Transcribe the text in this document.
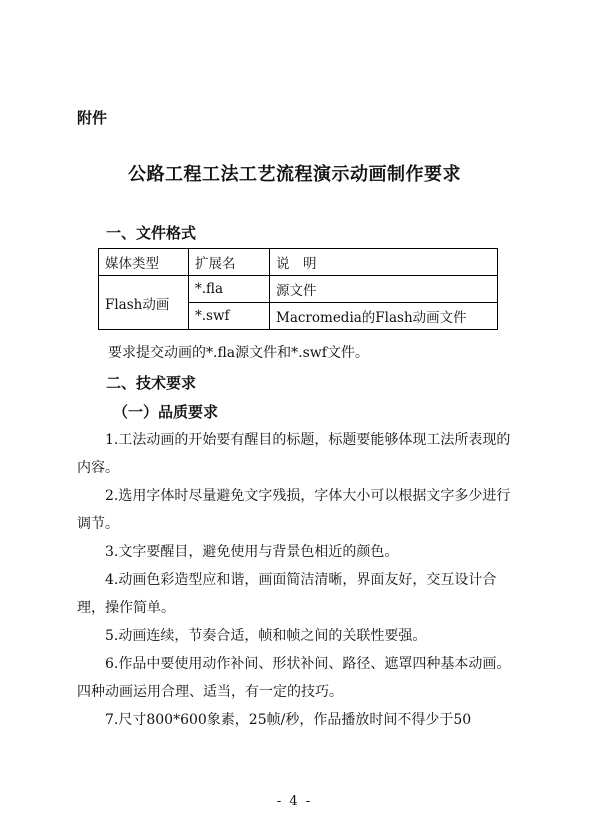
附件
公路工程工法工艺流程演示动画制作要求
一、文件格式
媒体类型	扩展名	说　明
Flash动画	*.fla	源文件
	*.swf	Macromedia的Flash动画文件
要求提交动画的*.fla源文件和*.swf文件。
二、技术要求
（一）品质要求
1.工法动画的开始要有醒目的标题，标题要能够体现工法所表现的内容。
2.选用字体时尽量避免文字残损，字体大小可以根据文字多少进行调节。
3.文字要醒目，避免使用与背景色相近的颜色。
4.动画色彩造型应和谐，画面简洁清晰，界面友好，交互设计合理，操作简单。
5.动画连续，节奏合适，帧和帧之间的关联性要强。
6.作品中要使用动作补间、形状补间、路径、遮罩四种基本动画。四种动画运用合理、适当，有一定的技巧。
7.尺寸800*600象素，25帧/秒，作品播放时间不得少于50
- 4 -
